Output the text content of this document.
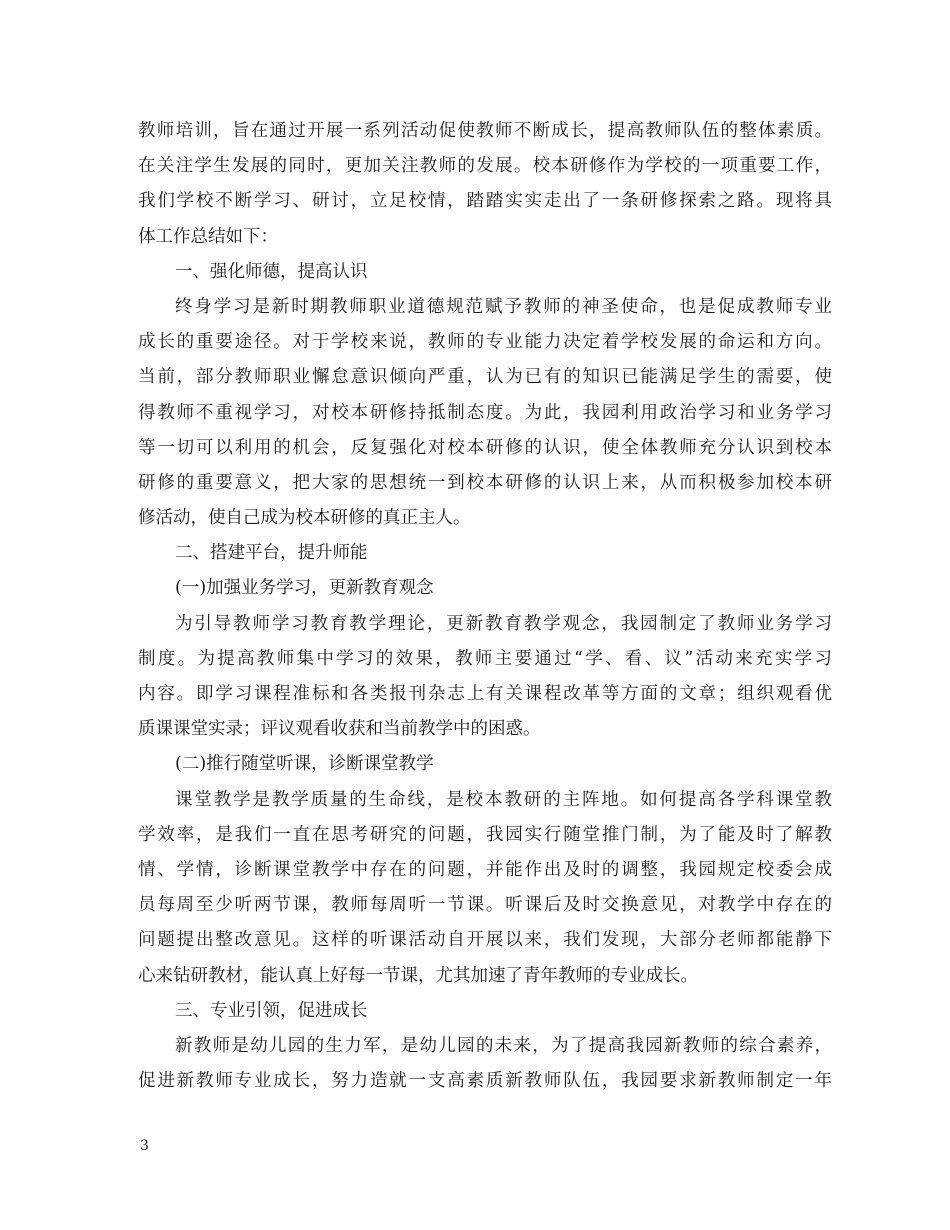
教师培训，旨在通过开展一系列活动促使教师不断成长，提高教师队伍的整体素质。
在关注学生发展的同时，更加关注教师的发展。校本研修作为学校的一项重要工作，
我们学校不断学习、研讨，立足校情，踏踏实实走出了一条研修探索之路。现将具
体工作总结如下：
一、强化师德，提高认识
终身学习是新时期教师职业道德规范赋予教师的神圣使命，也是促成教师专业
成长的重要途径。对于学校来说，教师的专业能力决定着学校发展的命运和方向。
当前，部分教师职业懈怠意识倾向严重，认为已有的知识已能满足学生的需要，使
得教师不重视学习，对校本研修持抵制态度。为此，我园利用政治学习和业务学习
等一切可以利用的机会，反复强化对校本研修的认识，使全体教师充分认识到校本
研修的重要意义，把大家的思想统一到校本研修的认识上来，从而积极参加校本研
修活动，使自己成为校本研修的真正主人。
二、搭建平台，提升师能
(一)加强业务学习，更新教育观念
为引导教师学习教育教学理论，更新教育教学观念，我园制定了教师业务学习
制度。为提高教师集中学习的效果，教师主要通过“学、看、议”活动来充实学习
内容。即学习课程准标和各类报刊杂志上有关课程改革等方面的文章；组织观看优
质课课堂实录；评议观看收获和当前教学中的困惑。
(二)推行随堂听课，诊断课堂教学
课堂教学是教学质量的生命线，是校本教研的主阵地。如何提高各学科课堂教
学效率，是我们一直在思考研究的问题，我园实行随堂推门制，为了能及时了解教
情、学情，诊断课堂教学中存在的问题，并能作出及时的调整，我园规定校委会成
员每周至少听两节课，教师每周听一节课。听课后及时交换意见，对教学中存在的
问题提出整改意见。这样的听课活动自开展以来，我们发现，大部分老师都能静下
心来钻研教材，能认真上好每一节课，尤其加速了青年教师的专业成长。
三、专业引领，促进成长
新教师是幼儿园的生力军，是幼儿园的未来，为了提高我园新教师的综合素养，
促进新教师专业成长，努力造就一支高素质新教师队伍，我园要求新教师制定一年
3
